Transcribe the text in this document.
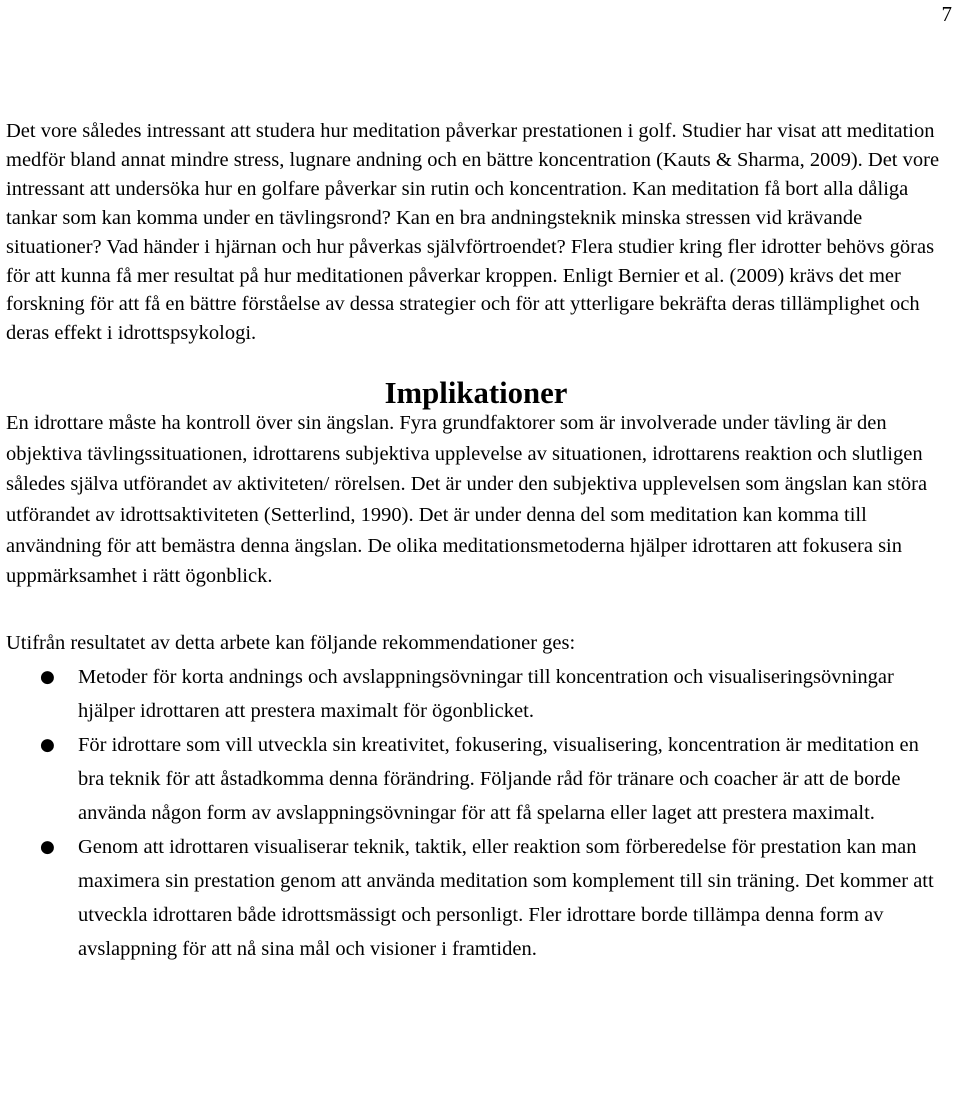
7

Det vore således intressant att studera hur meditation påverkar prestationen i golf. Studier har visat att meditation medför bland annat mindre stress, lugnare andning och en bättre koncentration (Kauts & Sharma, 2009). Det vore intressant att undersöka hur en golfare påverkar sin rutin och koncentration. Kan meditation få bort alla dåliga tankar som kan komma under en tävlingsrond? Kan en bra andningsteknik minska stressen vid krävande situationer? Vad händer i hjärnan och hur påverkas självförtroendet? Flera studier kring fler idrotter behövs göras för att kunna få mer resultat på hur meditationen påverkar kroppen. Enligt Bernier et al. (2009) krävs det mer forskning för att få en bättre förståelse av dessa strategier och för att ytterligare bekräfta deras tillämplighet och deras effekt i idrottspsykologi.

Implikationer

En idrottare måste ha kontroll över sin ängslan. Fyra grundfaktorer som är involverade under tävling är den objektiva tävlingssituationen, idrottarens subjektiva upplevelse av situationen, idrottarens reaktion och slutligen således själva utförandet av aktiviteten/ rörelsen. Det är under den subjektiva upplevelsen som ängslan kan störa utförandet av idrottsaktiviteten (Setterlind, 1990). Det är under denna del som meditation kan komma till användning för att bemästra denna ängslan. De olika meditationsmetoderna hjälper idrottaren att fokusera sin uppmärksamhet i rätt ögonblick.

Utifrån resultatet av detta arbete kan följande rekommendationer ges:

● Metoder för korta andnings och avslappningsövningar till koncentration och visualiseringsövningar hjälper idrottaren att prestera maximalt för ögonblicket.
● För idrottare som vill utveckla sin kreativitet, fokusering, visualisering, koncentration är meditation en bra teknik för att åstadkomma denna förändring. Följande råd för tränare och coacher är att de borde använda någon form av avslappningsövningar för att få spelarna eller laget att prestera maximalt.
● Genom att idrottaren visualiserar teknik, taktik, eller reaktion som förberedelse för prestation kan man maximera sin prestation genom att använda meditation som komplement till sin träning. Det kommer att utveckla idrottaren både idrottsmässigt och personligt. Fler idrottare borde tillämpa denna form av avslappning för att nå sina mål och visioner i framtiden.
